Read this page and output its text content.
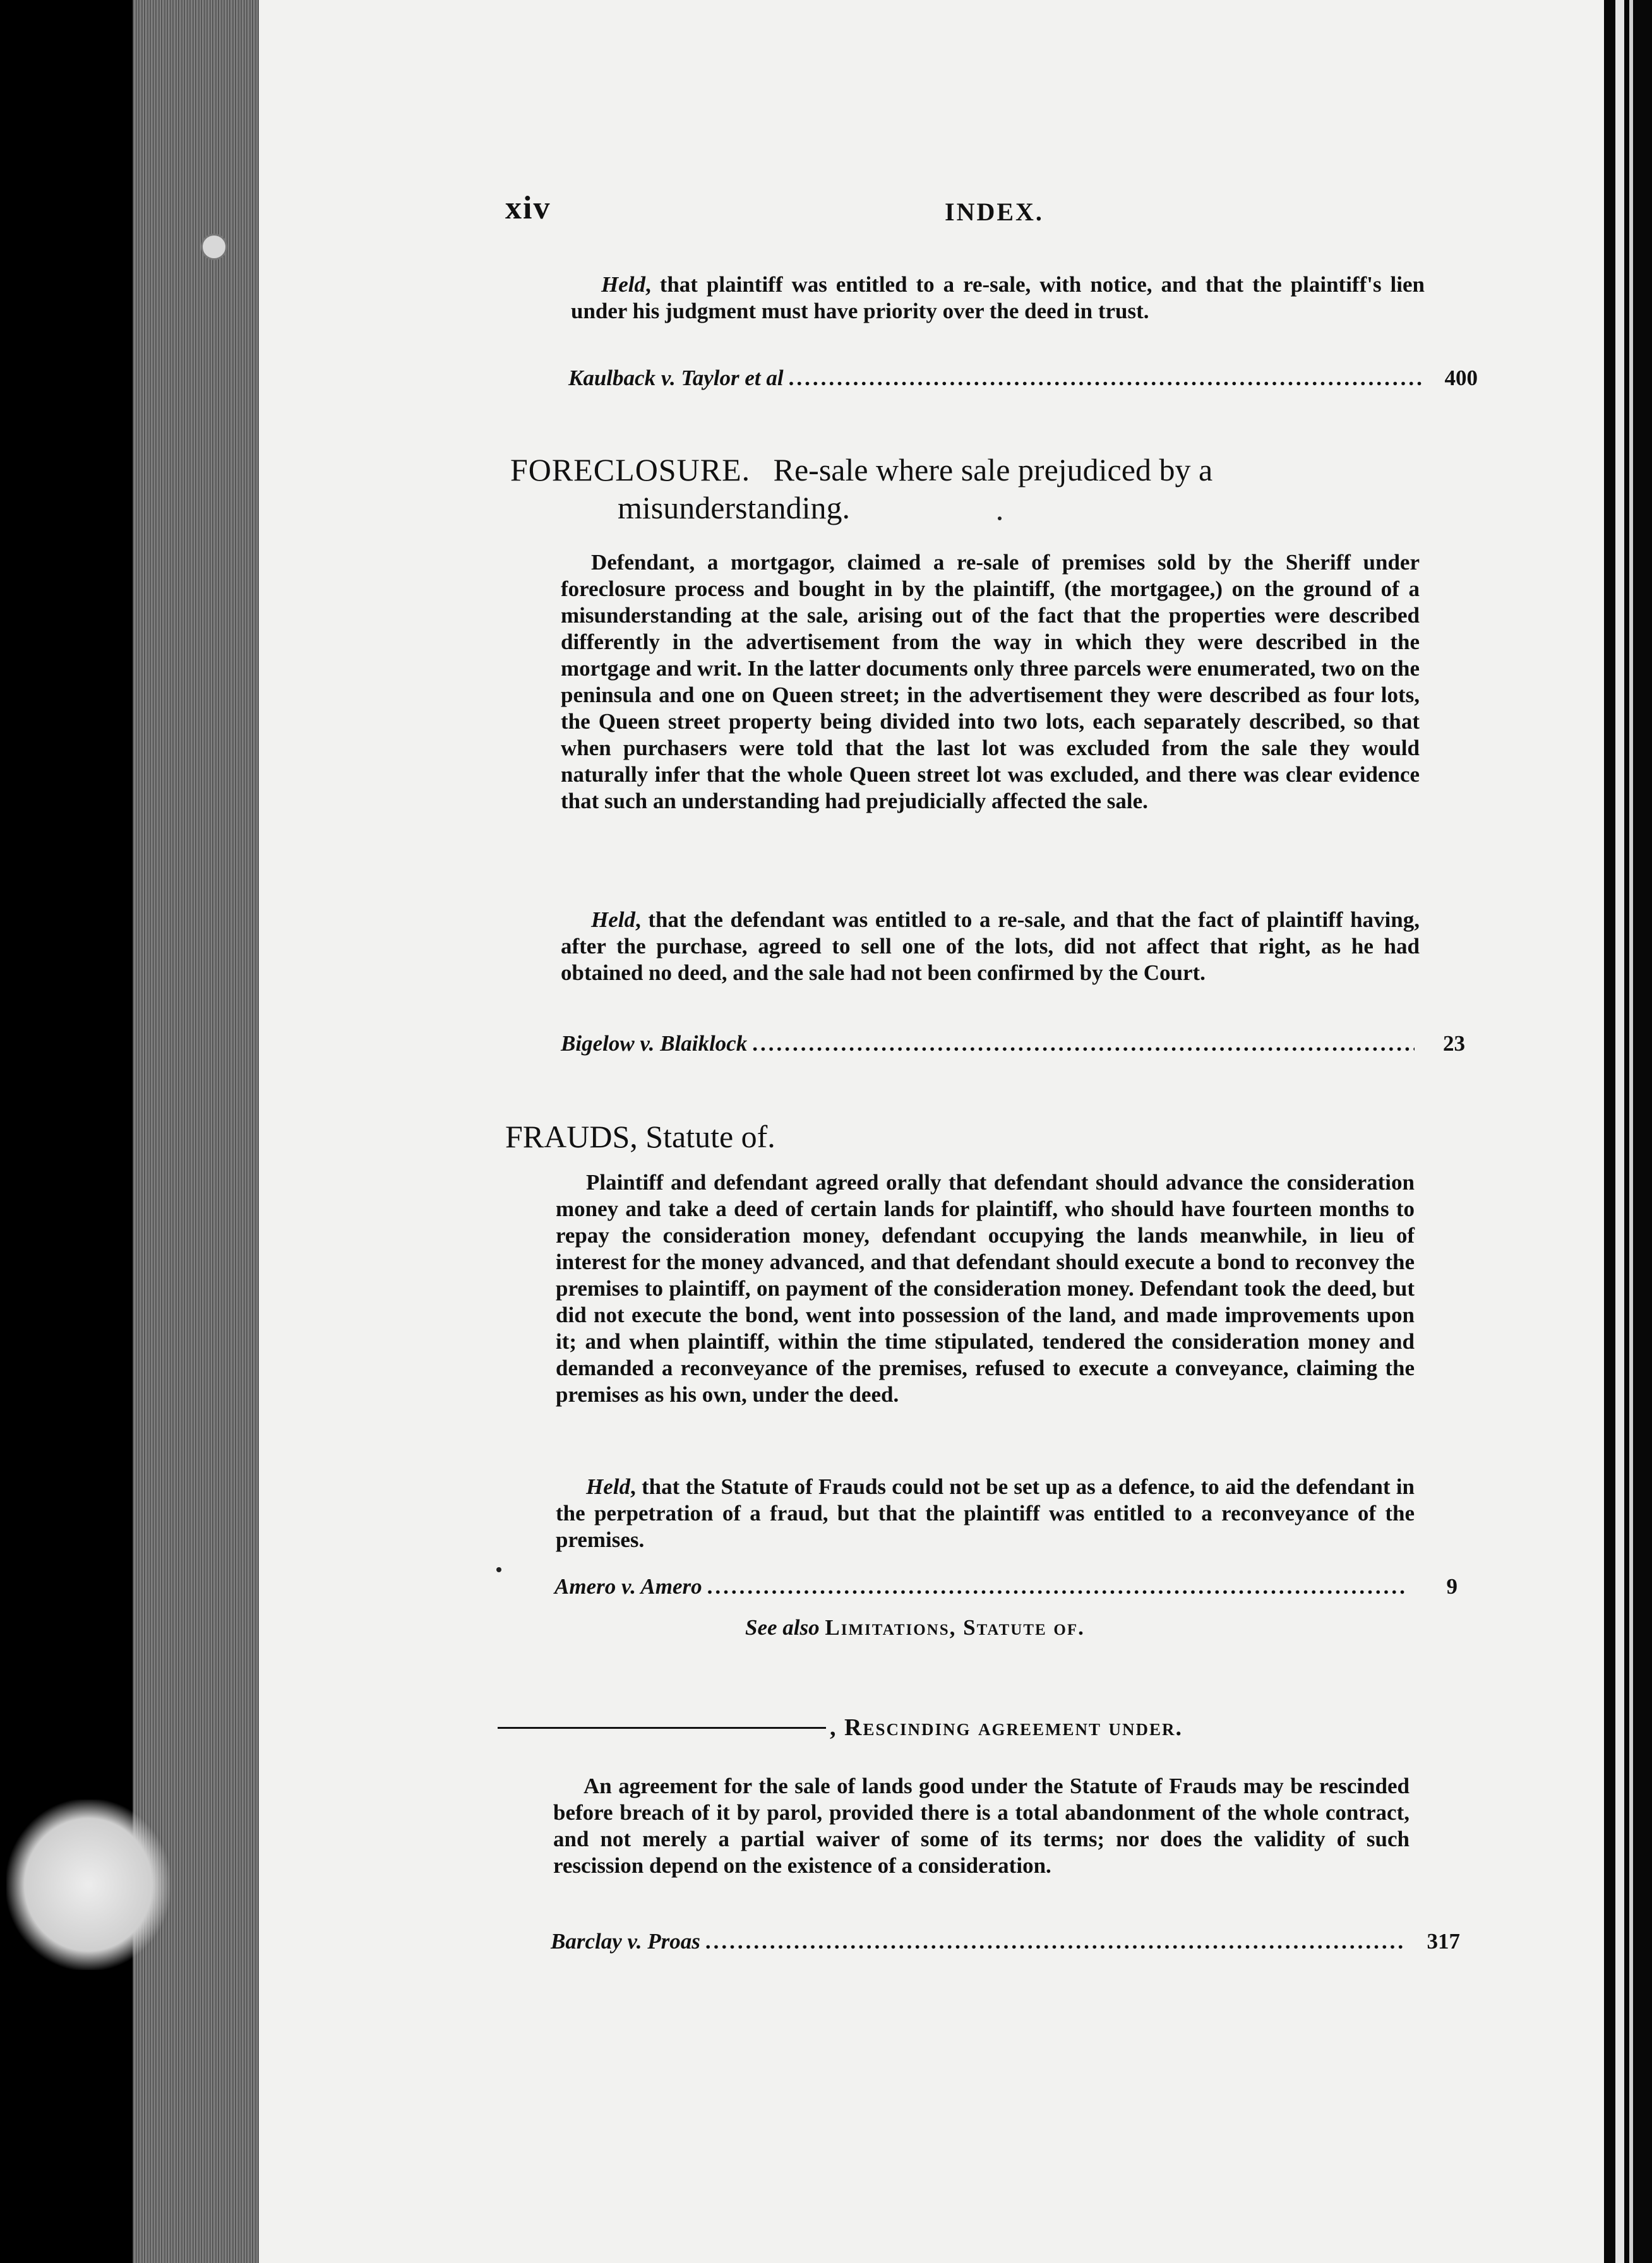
xiv	INDEX.
Held, that plaintiff was entitled to a re-sale, with notice, and that the plaintiff's lien under his judgment must have priority over the deed in trust.
Kaulback v. Taylor et al .....	400
FORECLOSURE. Re-sale where sale prejudiced by a
misunderstanding.
Defendant, a mortgagor, claimed a re-sale of premises sold by the Sheriff under foreclosure process and bought in by the plaintiff, (the mortgagee,) on the ground of a misunderstanding at the sale, arising out of the fact that the properties were described differently in the advertisement from the way in which they were described in the mortgage and writ. In the latter documents only three parcels were enumerated, two on the peninsula and one on Queen street; in the advertisement they were described as four lots, the Queen street property being divided into two lots, each separately described, so that when purchasers were told that the last lot was excluded from the sale they would naturally infer that the whole Queen street lot was excluded, and there was clear evidence that such an understanding had prejudicially affected the sale.
Held, that the defendant was entitled to a re-sale, and that the fact of plaintiff having, after the purchase, agreed to sell one of the lots, did not affect that right, as he had obtained no deed, and the sale had not been confirmed by the Court.
Bigelow v. Blaiklock .....	23
FRAUDS, Statute of.
Plaintiff and defendant agreed orally that defendant should advance the consideration money and take a deed of certain lands for plaintiff, who should have fourteen months to repay the consideration money, defendant occupying the lands meanwhile, in lieu of interest for the money advanced, and that defendant should execute a bond to reconvey the premises to plaintiff, on payment of the consideration money. Defendant took the deed, but did not execute the bond, went into possession of the land, and made improvements upon it; and when plaintiff, within the time stipulated, tendered the consideration money and demanded a reconveyance of the premises, refused to execute a conveyance, claiming the premises as his own, under the deed.
Held, that the Statute of Frauds could not be set up as a defence, to aid the defendant in the perpetration of a fraud, but that the plaintiff was entitled to a reconveyance of the premises.
Amero v. Amero .....	9
See also Limitations, Statute of.
, Rescinding agreement under.
An agreement for the sale of lands good under the Statute of Frauds may be rescinded before breach of it by parol, provided there is a total abandonment of the whole contract, and not merely a partial waiver of some of its terms; nor does the validity of such rescission depend on the existence of a consideration.
Barclay v. Proas .....	317
